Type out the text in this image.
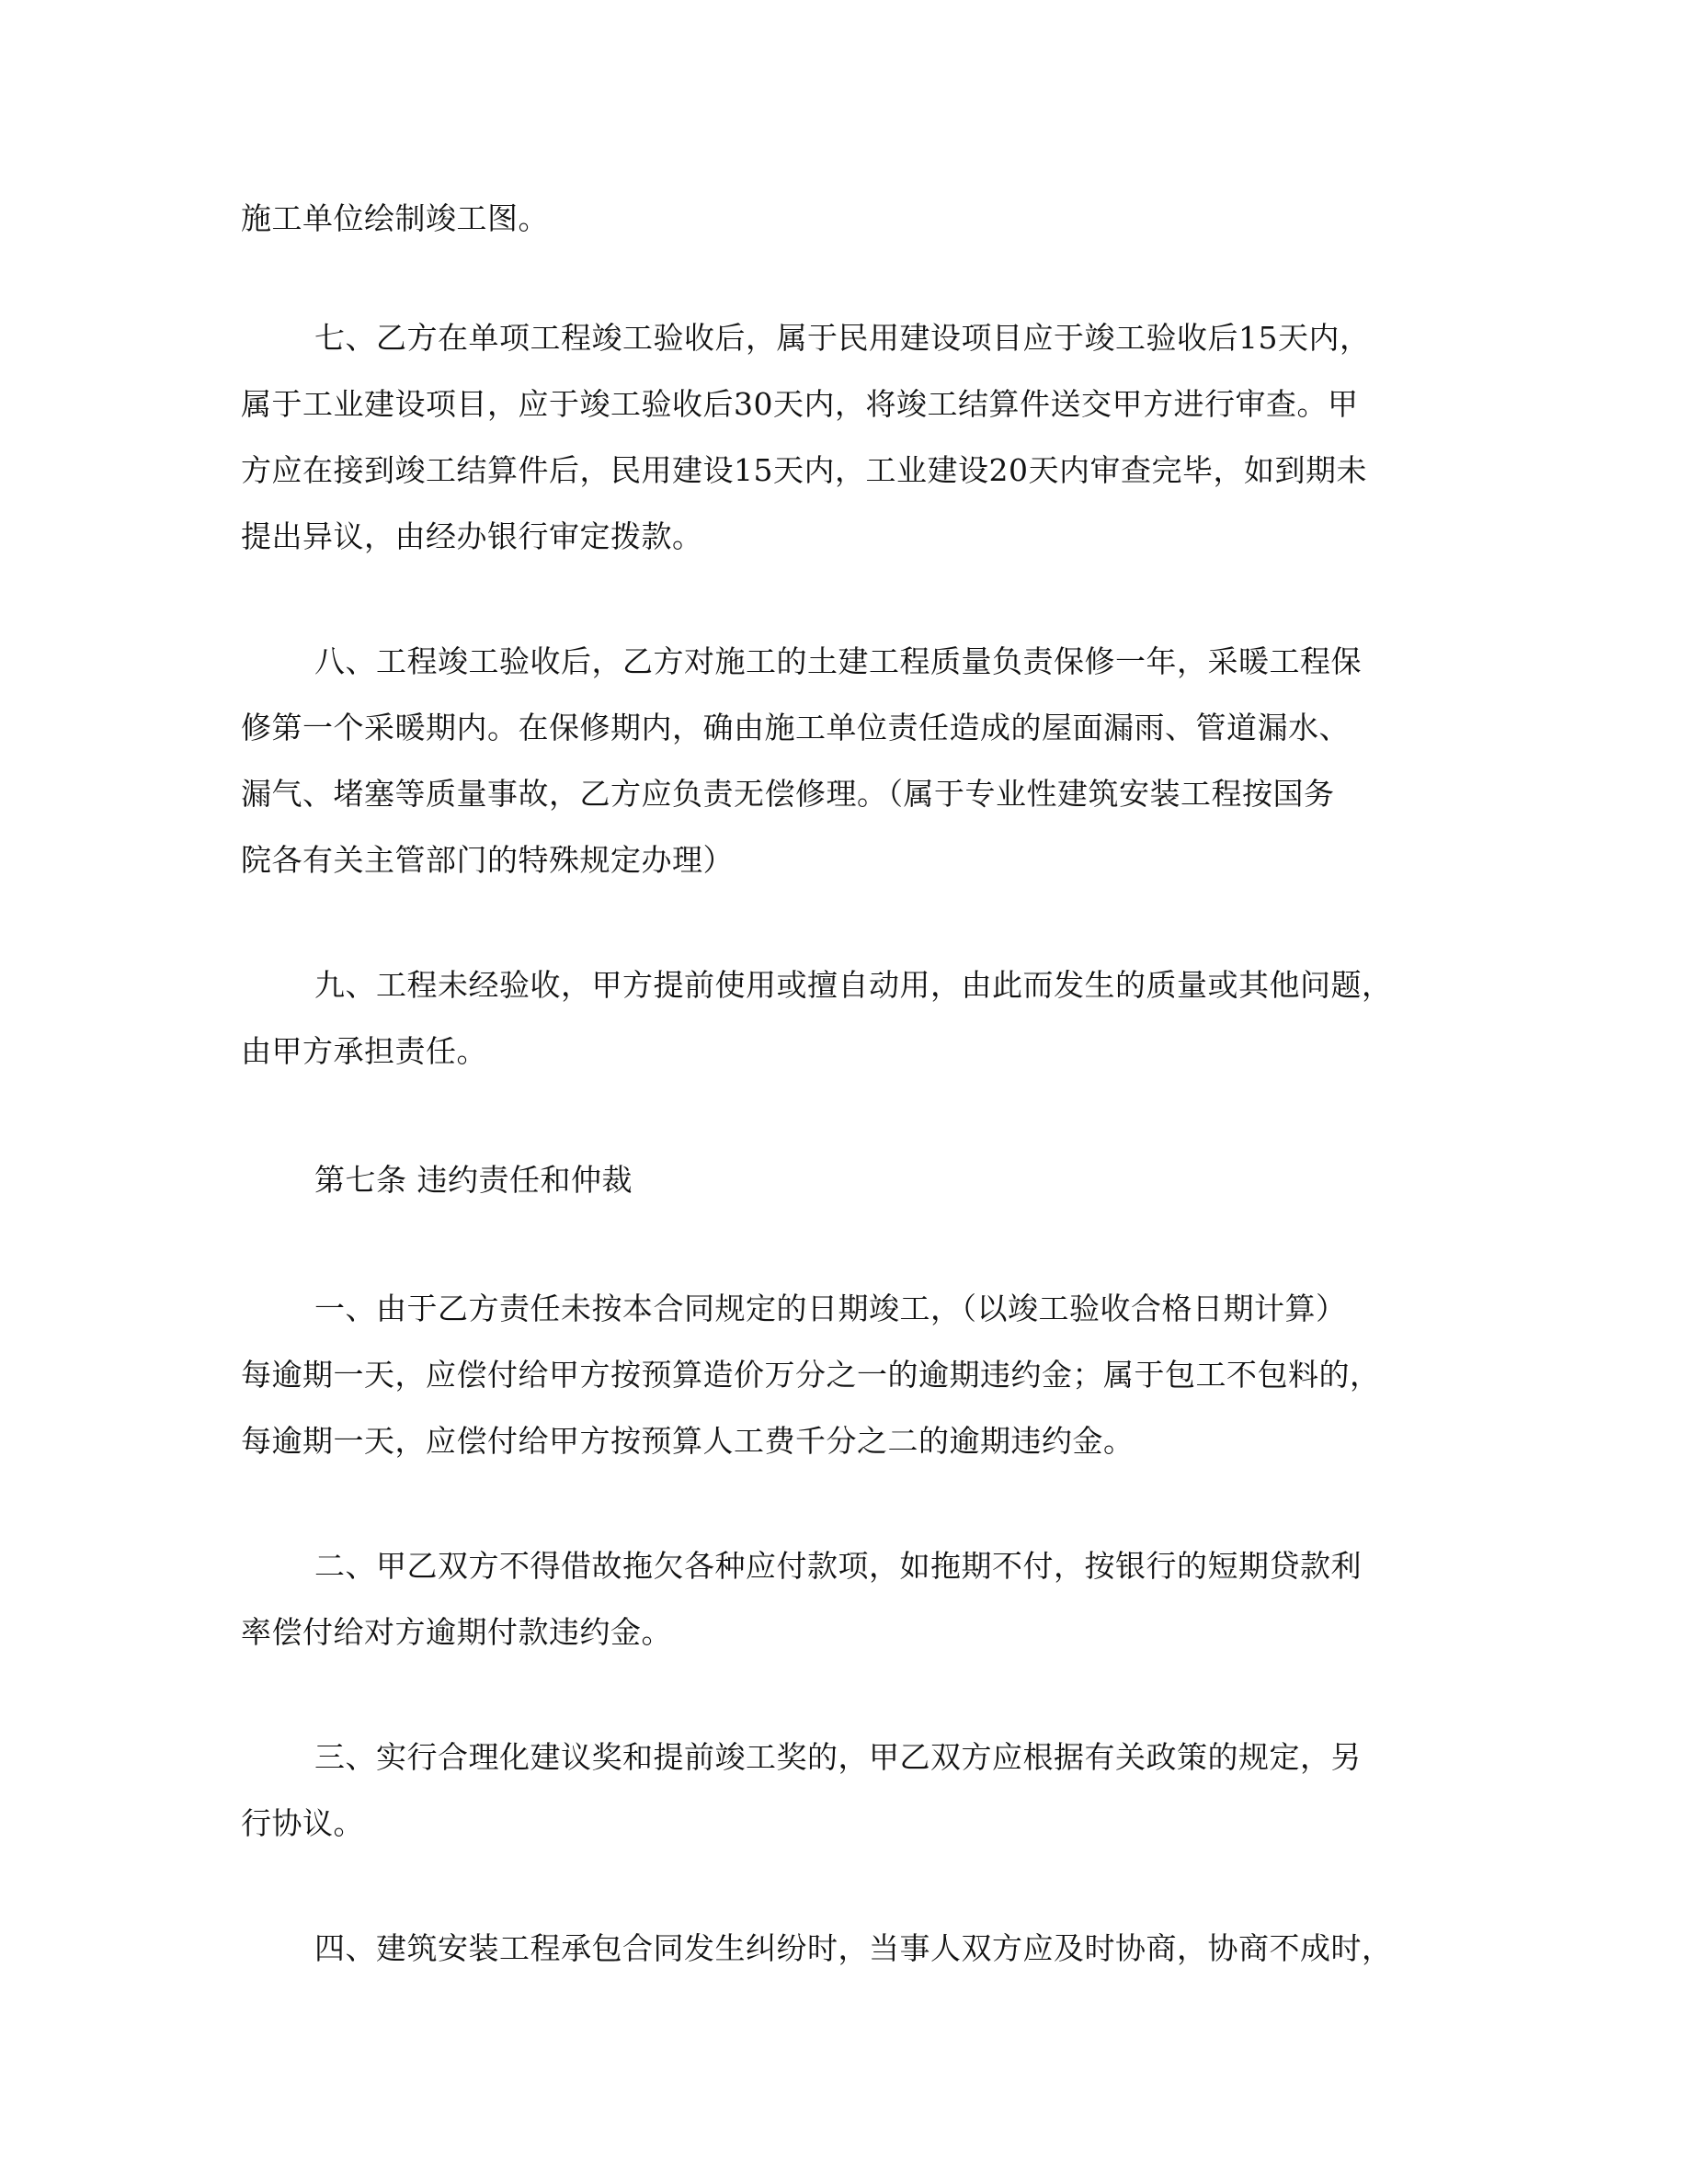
施工单位绘制竣工图。
七、乙方在单项工程竣工验收后，属于民用建设项目应于竣工验收后15天内，
属于工业建设项目，应于竣工验收后30天内，将竣工结算件送交甲方进行审查。甲
方应在接到竣工结算件后，民用建设15天内，工业建设20天内审查完毕，如到期未
提出异议，由经办银行审定拨款。
八、工程竣工验收后，乙方对施工的土建工程质量负责保修一年，采暖工程保
修第一个采暖期内。在保修期内，确由施工单位责任造成的屋面漏雨、管道漏水、
漏气、堵塞等质量事故，乙方应负责无偿修理。（属于专业性建筑安装工程按国务
院各有关主管部门的特殊规定办理）
九、工程未经验收，甲方提前使用或擅自动用，由此而发生的质量或其他问题，
由甲方承担责任。
第七条 违约责任和仲裁
一、由于乙方责任未按本合同规定的日期竣工，（以竣工验收合格日期计算）
每逾期一天，应偿付给甲方按预算造价万分之一的逾期违约金；属于包工不包料的，
每逾期一天，应偿付给甲方按预算人工费千分之二的逾期违约金。
二、甲乙双方不得借故拖欠各种应付款项，如拖期不付，按银行的短期贷款利
率偿付给对方逾期付款违约金。
三、实行合理化建议奖和提前竣工奖的，甲乙双方应根据有关政策的规定，另
行协议。
四、建筑安装工程承包合同发生纠纷时，当事人双方应及时协商，协商不成时，
